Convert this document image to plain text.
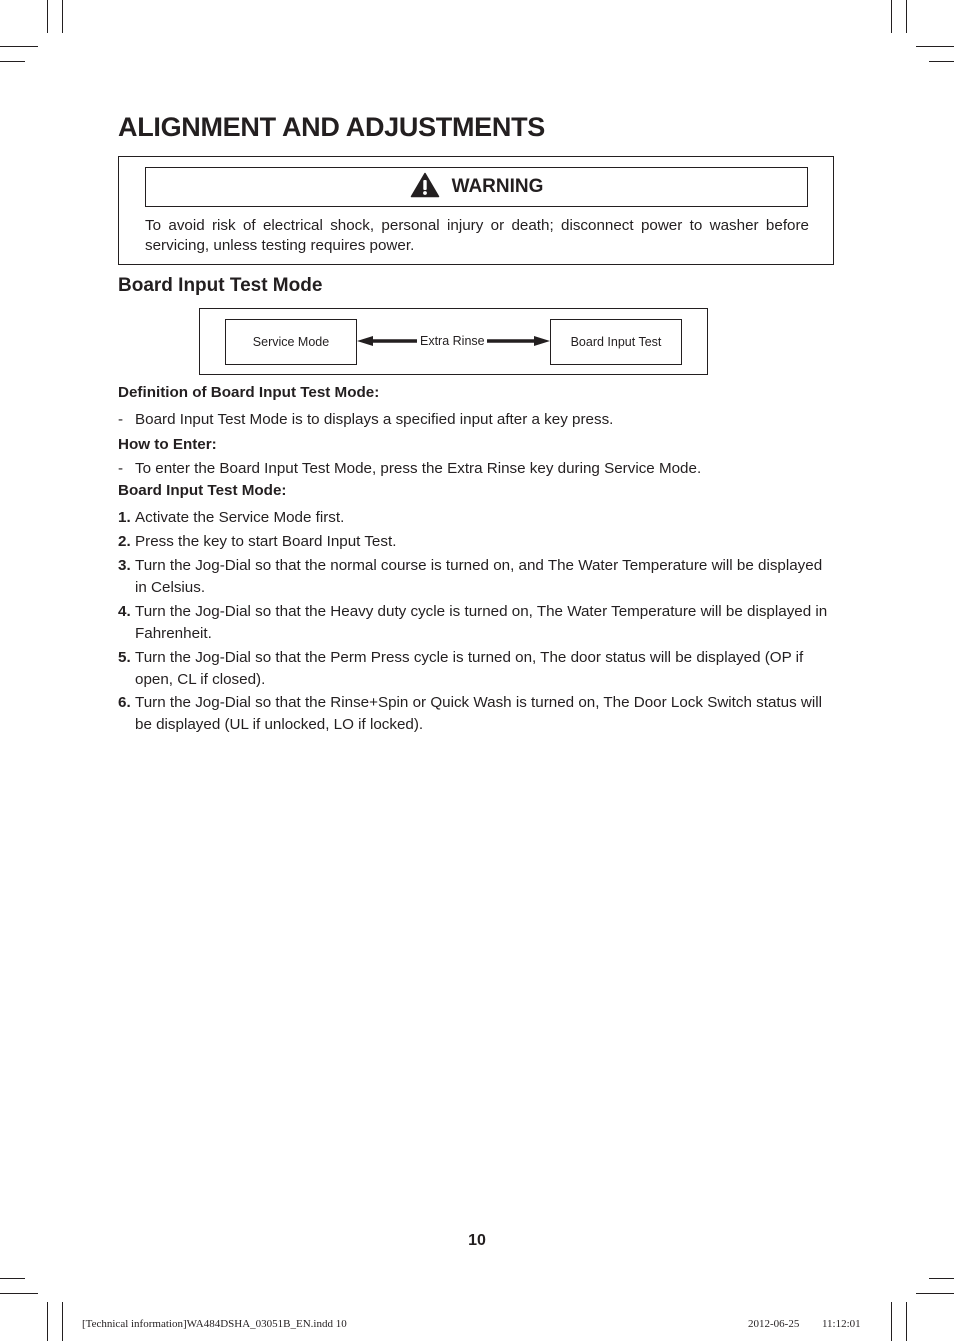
ALIGNMENT AND ADJUSTMENTS
WARNING

To avoid risk of electrical shock, personal injury or death; disconnect power to washer before servicing, unless testing requires power.

Board Input Test Mode
Service Mode	Extra Rinse	Board Input Test

Definition of Board Input Test Mode:

- Board Input Test Mode is to displays a specified input after a key press.

How to Enter:

- To enter the Board Input Test Mode, press the Extra Rinse key during Service Mode.

Board Input Test Mode:

1. Activate the Service Mode first.

2. Press the key to start Board Input Test.

3. Turn the Jog-Dial so that the normal course is turned on, and The Water Temperature will be displayed in Celsius.

4. Turn the Jog-Dial so that the Heavy duty cycle is turned on, The Water Temperature will be displayed in Fahrenheit.

5. Turn the Jog-Dial so that the Perm Press cycle is turned on, The door status will be displayed (OP if open, CL if closed).

6. Turn the Jog-Dial so that the Rinse+Spin or Quick Wash is turned on, The Door Lock Switch status will be displayed (UL if unlocked, LO if locked).

10
[Technical information]WA484DSHA_03051B_EN.indd 10	2012-06-25    11:12:01
